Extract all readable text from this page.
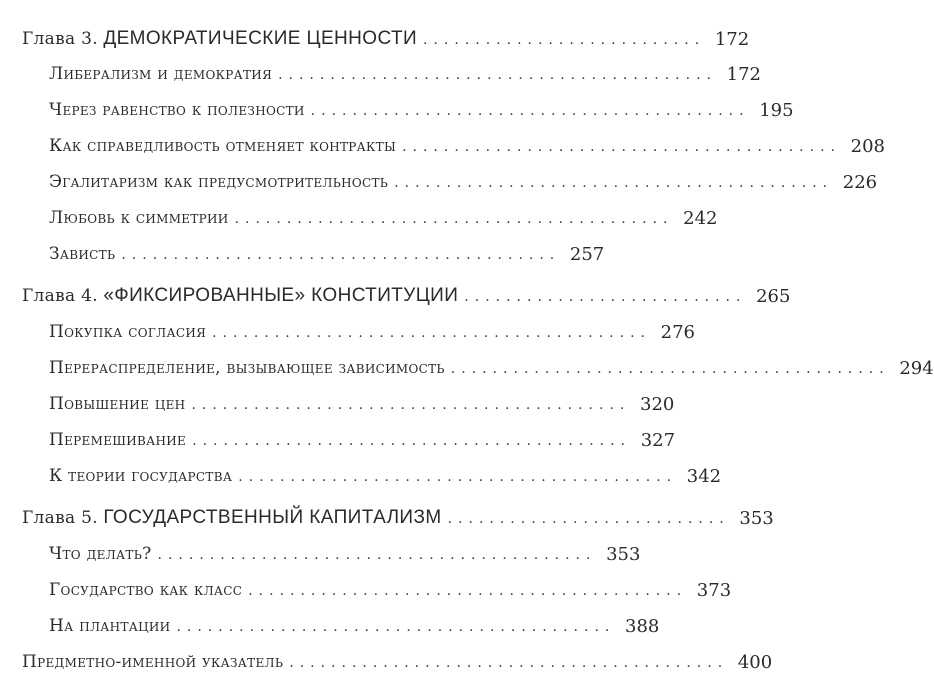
Глава 3. ДЕМОКРАТИЧЕСКИЕ ЦЕННОСТИ ........................... 172
Либерализм и демократия .......................................... 172
Через равенство к полезности .......................................... 195
Как справедливость отменяет контракты .......................................... 208
Эгалитаризм как предусмотрительность .......................................... 226
Любовь к симметрии .......................................... 242
Зависть .......................................... 257
Глава 4. «ФИКСИРОВАННЫЕ» КОНСТИТУЦИИ ........................... 265
Покупка согласия .......................................... 276
Перераспределение, вызывающее зависимость .......................................... 294
Повышение цен .......................................... 320
Перемешивание .......................................... 327
К теории государства .......................................... 342
Глава 5. ГОСУДАРСТВЕННЫЙ КАПИТАЛИЗМ ........................... 353
Что делать? .......................................... 353
Государство как класс .......................................... 373
На плантации .......................................... 388
Предметно-именной указатель .......................................... 400
